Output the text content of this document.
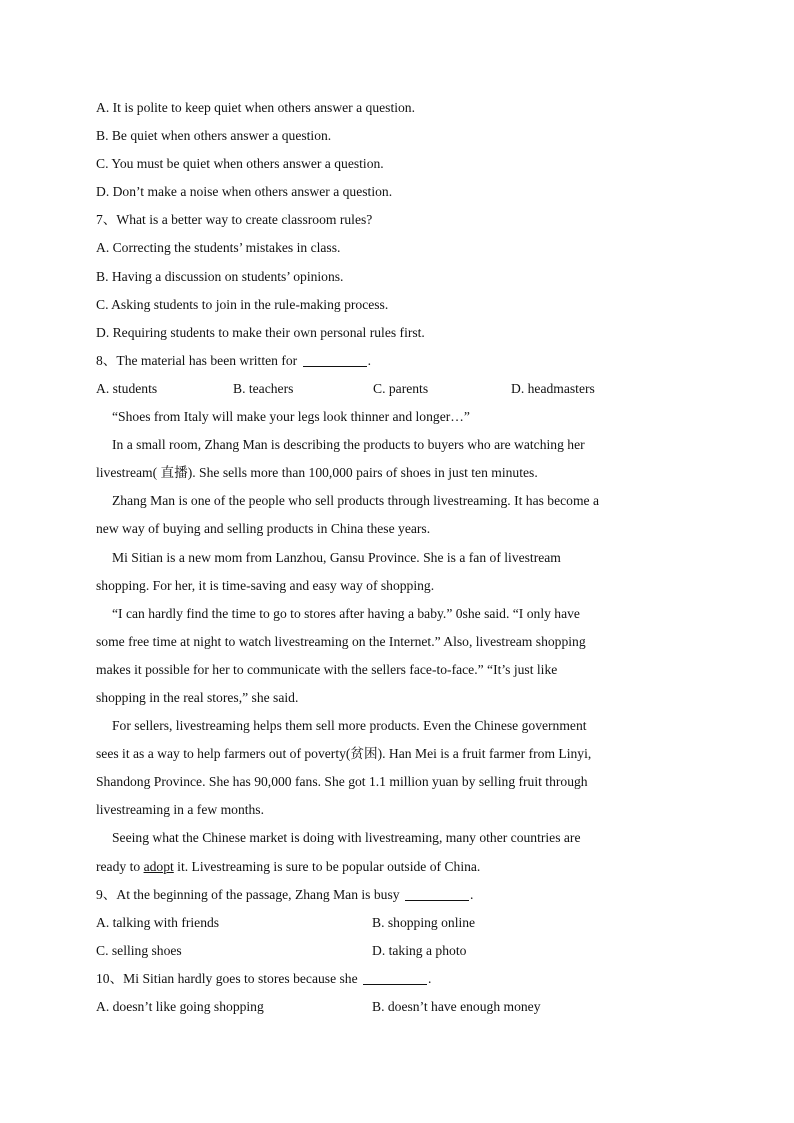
A. It is polite to keep quiet when others answer a question.
B. Be quiet when others answer a question.
C. You must be quiet when others answer a question.
D. Don’t make a noise when others answer a question.
7、What is a better way to create classroom rules?
A. Correcting the students’ mistakes in class.
B. Having a discussion on students’ opinions.
C. Asking students to join in the rule-making process.
D. Requiring students to make their own personal rules first.
8、The material has been written for	.
A. students	B. teachers	C. parents	D. headmasters
“Shoes from Italy will make your legs look thinner and longer…”
In a small room, Zhang Man is describing the products to buyers who are watching her
livestream( 直播). She sells more than 100,000 pairs of shoes in just ten minutes.
Zhang Man is one of the people who sell products through livestreaming. It has become a
new way of buying and selling products in China these years.
Mi Sitian is a new mom from Lanzhou, Gansu Province. She is a fan of livestream
shopping. For her, it is time-saving and easy way of shopping.
“I can hardly find the time to go to stores after having a baby.” 0she said. “I only have
some free time at night to watch livestreaming on the Internet.” Also, livestream shopping
makes it possible for her to communicate with the sellers face-to-face.” “It’s just like
shopping in the real stores,” she said.
For sellers, livestreaming helps them sell more products. Even the Chinese government
sees it as a way to help farmers out of poverty(贫困). Han Mei is a fruit farmer from Linyi,
Shandong Province. She has 90,000 fans. She got 1.1 million yuan by selling fruit through
livestreaming in a few months.
Seeing what the Chinese market is doing with livestreaming, many other countries are
ready to adopt it. Livestreaming is sure to be popular outside of China.
9、At the beginning of the passage, Zhang Man is busy	.
A. talking with friends	B. shopping online
C. selling shoes	D. taking a photo
10、Mi Sitian hardly goes to stores because she	.
A. doesn’t like going shopping	B. doesn’t have enough money
